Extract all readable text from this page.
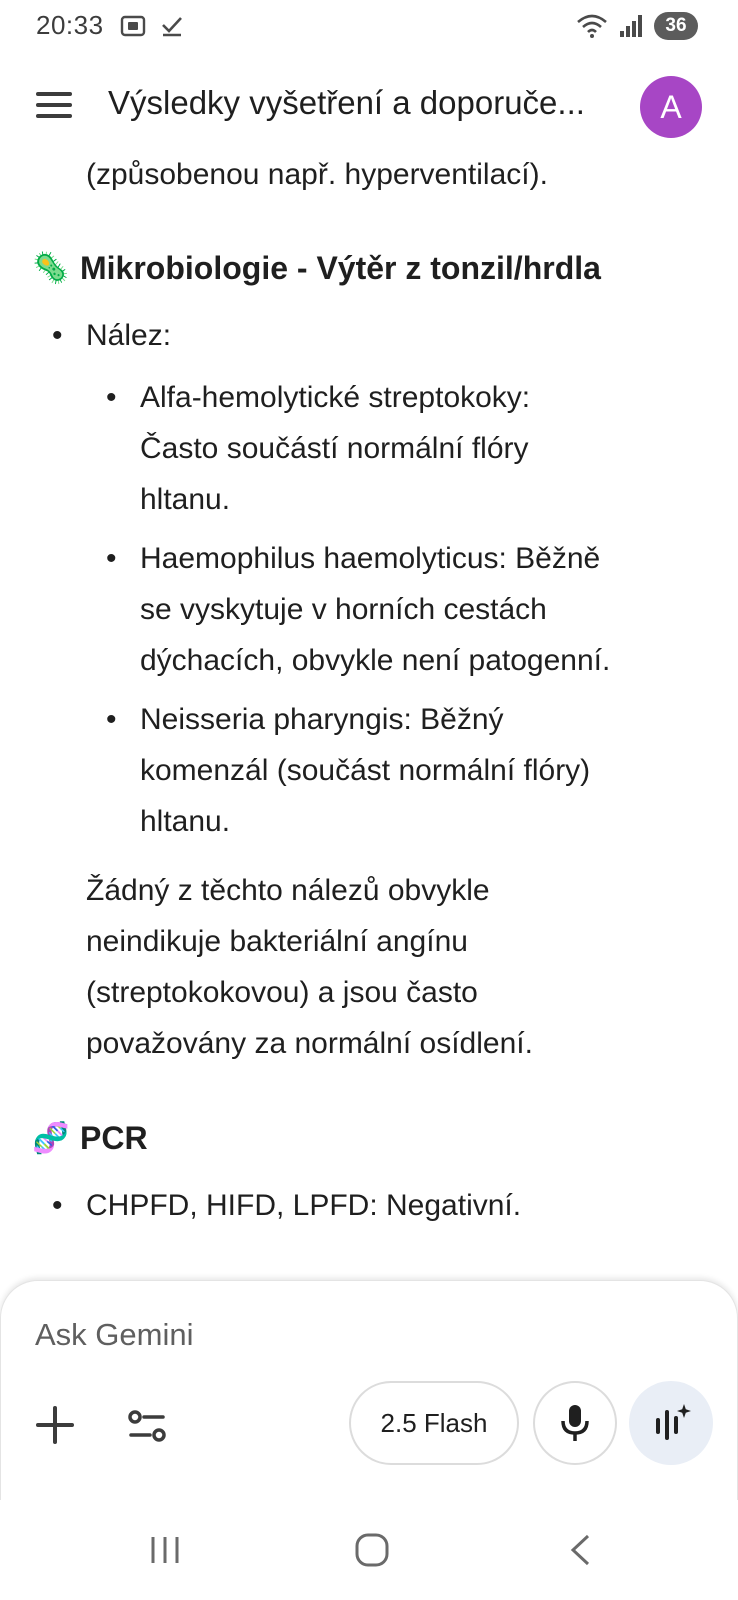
20:33	36
Výsledky vyšetření a doporuče...	A
(způsobenou např. hyperventilací).
🦠 Mikrobiologie - Výtěr z tonzil/hrdla
• Nález:
• Alfa-hemolytické streptokoky:
Často součástí normální flóry
hltanu.
• Haemophilus haemolyticus: Běžně
se vyskytuje v horních cestách
dýchacích, obvykle není patogenní.
• Neisseria pharyngis: Běžný
komenzál (součást normální flóry)
hltanu.
Žádný z těchto nálezů obvykle
neindikuje bakteriální angínu
(streptokokovou) a jsou často
považovány za normální osídlení.
🧬 PCR
• CHPFD, HIFD, LPFD: Negativní.
Ask Gemini
2.5 Flash
